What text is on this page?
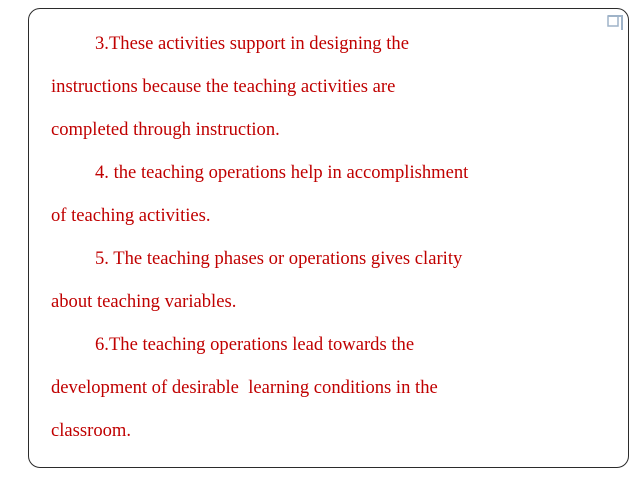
3.These activities support in designing the
instructions because the teaching activities are
completed through instruction.
4. the teaching operations help in accomplishment
of teaching activities.
5. The teaching phases or operations gives clarity
about teaching variables.
6.The teaching operations lead towards the
development of desirable  learning conditions in the
classroom.
